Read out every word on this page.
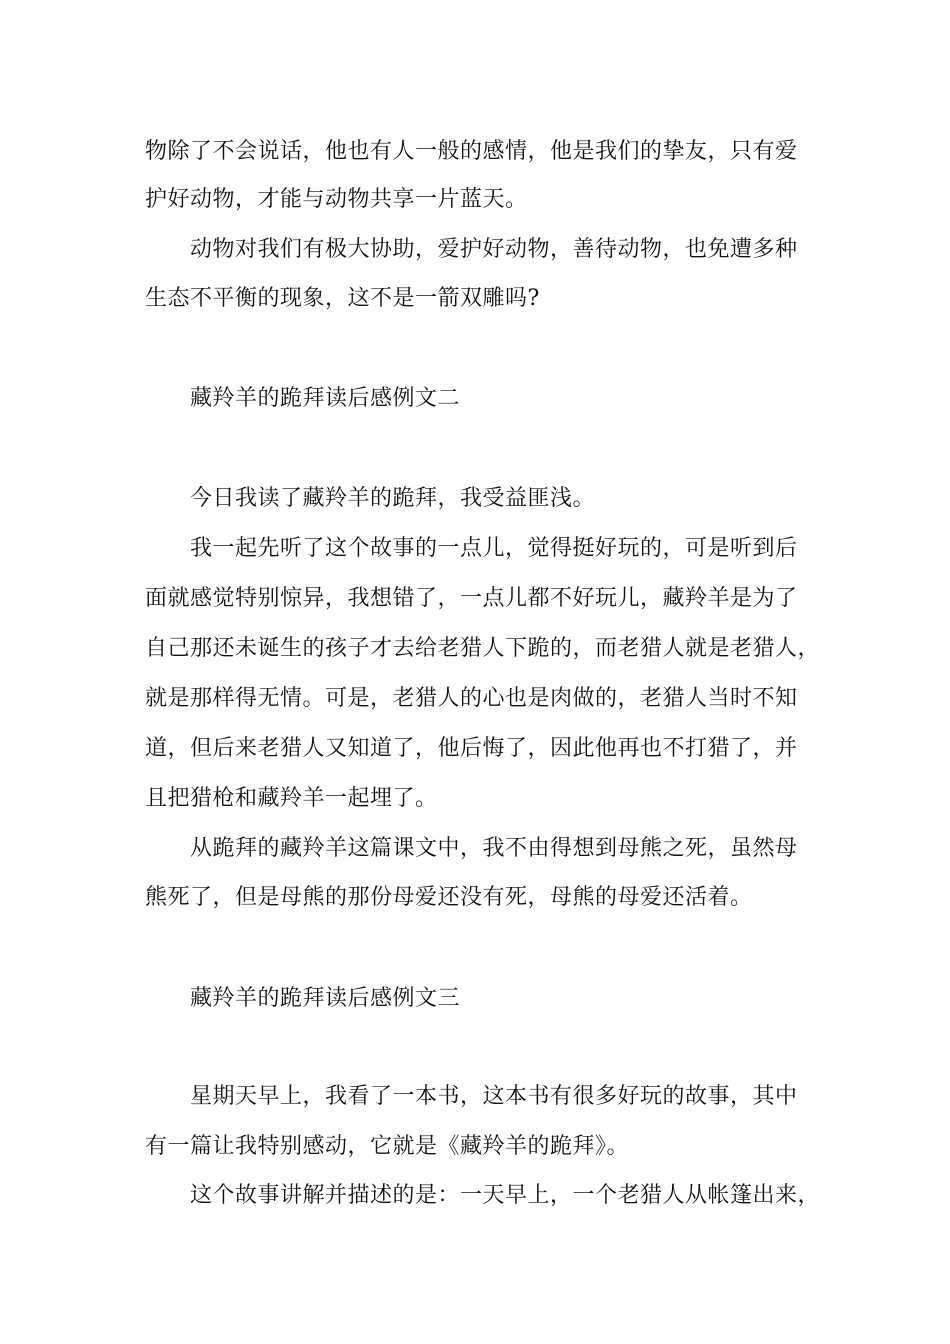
物除了不会说话，他也有人一般的感情，他是我们的挚友，只有爱
护好动物，才能与动物共享一片蓝天。
动物对我们有极大协助，爱护好动物，善待动物，也免遭多种
生态不平衡的现象，这不是一箭双雕吗?
藏羚羊的跪拜读后感例文二
今日我读了藏羚羊的跪拜，我受益匪浅。
我一起先听了这个故事的一点儿，觉得挺好玩的，可是听到后
面就感觉特别惊异，我想错了，一点儿都不好玩儿，藏羚羊是为了
自己那还未诞生的孩子才去给老猎人下跪的，而老猎人就是老猎人，
就是那样得无情。可是，老猎人的心也是肉做的，老猎人当时不知
道，但后来老猎人又知道了，他后悔了，因此他再也不打猎了，并
且把猎枪和藏羚羊一起埋了。
从跪拜的藏羚羊这篇课文中，我不由得想到母熊之死，虽然母
熊死了，但是母熊的那份母爱还没有死，母熊的母爱还活着。
藏羚羊的跪拜读后感例文三
星期天早上，我看了一本书，这本书有很多好玩的故事，其中
有一篇让我特别感动，它就是《藏羚羊的跪拜》。
这个故事讲解并描述的是：一天早上，一个老猎人从帐篷出来，
